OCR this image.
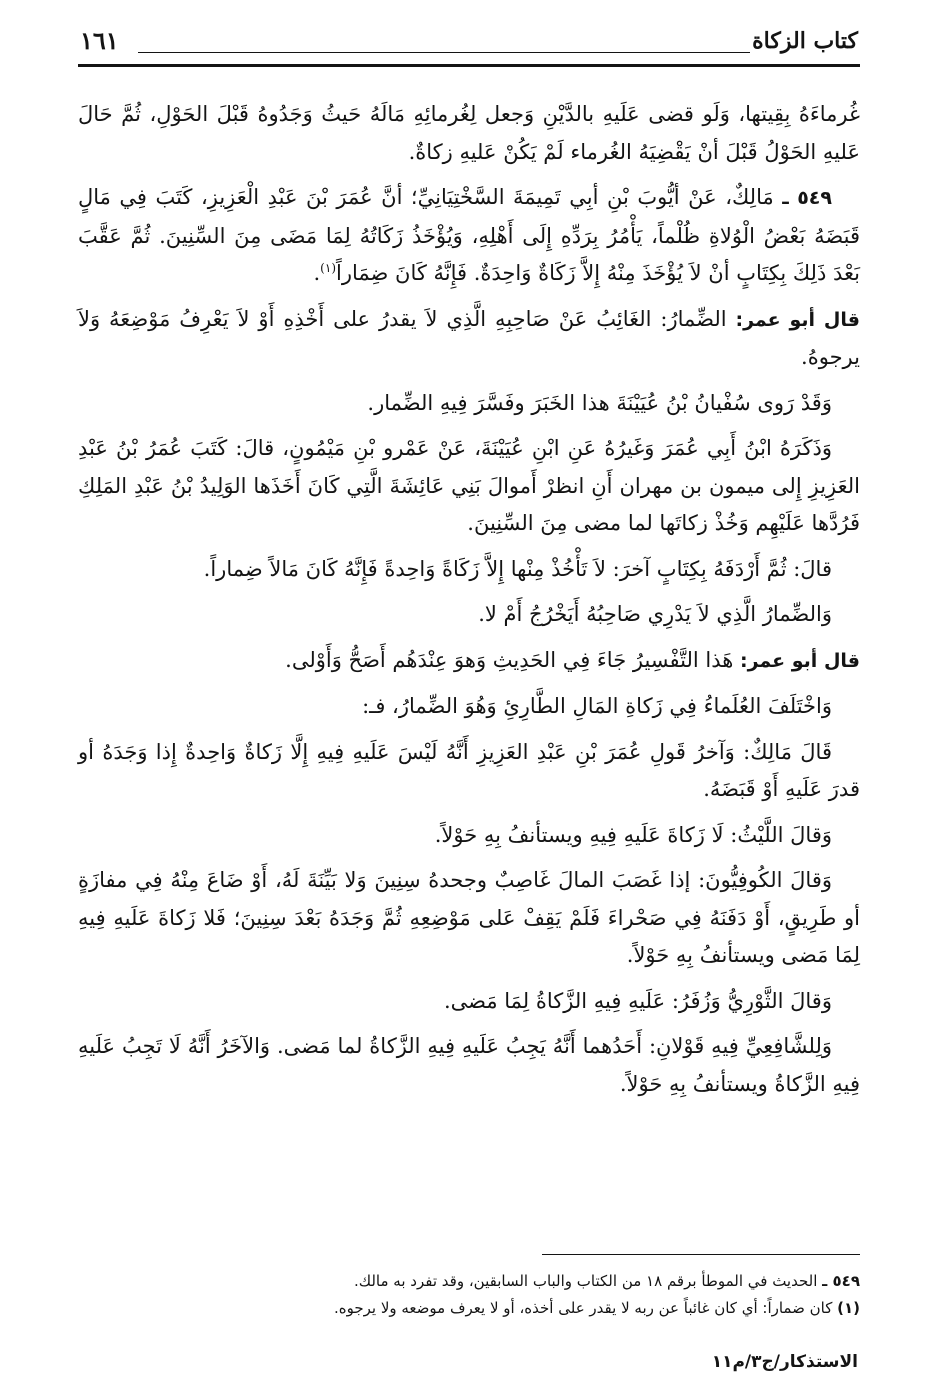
كتاب الزكاة
١٦١

غُرماءَهُ بِقِيتها، وَلَو قضى عَلَيهِ بالدَّيْنِ وَجعل لِغُرمائِهِ مَالَهُ حَيثُ وَجَدُوهُ قَبْلَ الحَوْلِ، ثُمَّ حَالَ عَليهِ الحَوْلُ قَبْلَ أنْ يَقْضِيَهُ الغُرماء لَمْ يَكُنْ عَليهِ زكاةٌ.

٥٤٩ ـ مَالِكٌ، عَنْ أيُّوبَ بْنِ أبِي تَمِيمَةَ السَّخْتِيَانِيِّ؛ أنَّ عُمَرَ بْنَ عَبْدِ الْعَزِيزِ، كَتَبَ فِي مَالٍ قَبَضَهُ بَعْضُ الْوُلاةِ ظُلْماً، يَأْمُرُ بِرَدِّهِ إِلَى أَهْلِهِ، وَيُؤْخَذُ زَكَاتُهُ لِمَا مَضَى مِنَ السِّنِينَ. ثُمَّ عَقَّبَ بَعْدَ ذَلِكَ بِكِتَابٍ أنْ لاَ يُؤْخَذَ مِنْهُ إِلاَّ زَكَاةٌ وَاحِدَةٌ. فَإِنَّهُ كَانَ ضِمَاراً$^{(١)}$.

قال أبو عمر: الضِّمارُ: الغَائِبُ عَنْ صَاحِبِهِ الَّذِي لاَ يقدرُ على أَخْذِهِ أَوْ لاَ يَعْرِفُ مَوْضِعَهُ وَلاَ يرجوهُ.

وَقَدْ رَوى سُفْيانُ بْنُ عُيَيْنَةَ هذا الخَبَرَ وفَسَّرَ فِيهِ الضِّمار.

وَذَكَرَهُ ابْنُ أَبِي عُمَرَ وَغَيرُهُ عَنِ ابْنِ عُيَيْنَةَ، عَنْ عَمْرو بْنِ مَيْمُونٍ، قالَ: كَتَبَ عُمَرُ بْنُ عَبْدِ العَزِيزِ إِلى ميمون بن مهران أَنِ انظرْ أَموالَ بَنِي عَائِشَةَ الَّتِي كَانَ أَخَذَها الوَلِيدُ بْنُ عَبْدِ المَلِكِ فَرُدَّها عَلَيْهِم وَخُذْ زكاتَها لما مضى مِنَ السِّنِينَ.

قالَ: ثُمَّ أَرْدَفَهُ بِكِتَابٍ آخرَ: لاَ تَأْخُذْ مِنْها إِلاَّ زَكَاةً وَاحِدةً فَإِنَّهُ كَانَ مَالاً ضِماراً.

وَالضِّمارُ الَّذِي لاَ يَدْرِي صَاحِبُهُ أَيَخْرُجُ أَمْ لا.

قال أبو عمر: هَذا التَّفْسِيرُ جَاءَ فِي الحَدِيثِ وَهوَ عِنْدَهُم أَصَحُّ وَأَوْلى.

وَاخْتَلَفَ العُلَماءُ فِي زَكاةِ المَالِ الطَّارِئِ وَهُوَ الضِّمارُ، فـ:

قَالَ مَالِكٌ: وَآخرُ قَولِ عُمَرَ بْنِ عَبْدِ العَزِيزِ أَنَّهُ لَيْسَ عَلَيهِ فِيهِ إِلَّا زَكاةٌ وَاحِدةٌ إِذا وَجَدَهُ أو قدرَ عَلَيهِ أَوْ قَبَضَهُ.

وَقالَ اللَّيْثُ: لَا زَكاةَ عَلَيهِ فِيهِ ويستأنفُ بِهِ حَوْلاً.

وَقالَ الكُوفِيُّونَ: إذا غَصَبَ المالَ غَاصِبٌ وجحدهُ سِنِينَ وَلا بَيِّنَةَ لَهُ، أَوْ ضَاعَ مِنْهُ فِي مفازَةٍ أو طَرِيقٍ، أَوْ دَفَنَهُ فِي صَحْراءَ فَلَمْ يَقِفْ عَلى مَوْضِعِهِ ثُمَّ وَجَدَهُ بَعْدَ سِنِينَ؛ فَلا زَكاةَ عَلَيهِ فِيهِ لِمَا مَضى ويستأنفُ بِهِ حَوْلاً.

وَقالَ الثَّوْرِيُّ وَزُفَرُ: عَلَيهِ فِيهِ الزَّكاةُ لِمَا مَضى.

وَلِلشَّافِعِيِّ فِيهِ قَوْلانِ: أَحَدُهما أَنَّهُ يَجِبُ عَلَيهِ فِيهِ الزَّكاةُ لما مَضى. وَالآخَرُ أَنَّهُ لَا تَجِبُ عَلَيهِ فِيهِ الزَّكاةُ ويستأنفُ بِهِ حَوْلاً.

٥٤٩ ـ الحديث في الموطأ برقم ١٨ من الكتاب والباب السابقين، وقد تفرد به مالك.

(١) كان ضماراً: أي كان غائباً عن ربه لا يقدر على أخذه، أو لا يعرف موضعه ولا يرجوه.

الاستذكار/ج٣/م١١
